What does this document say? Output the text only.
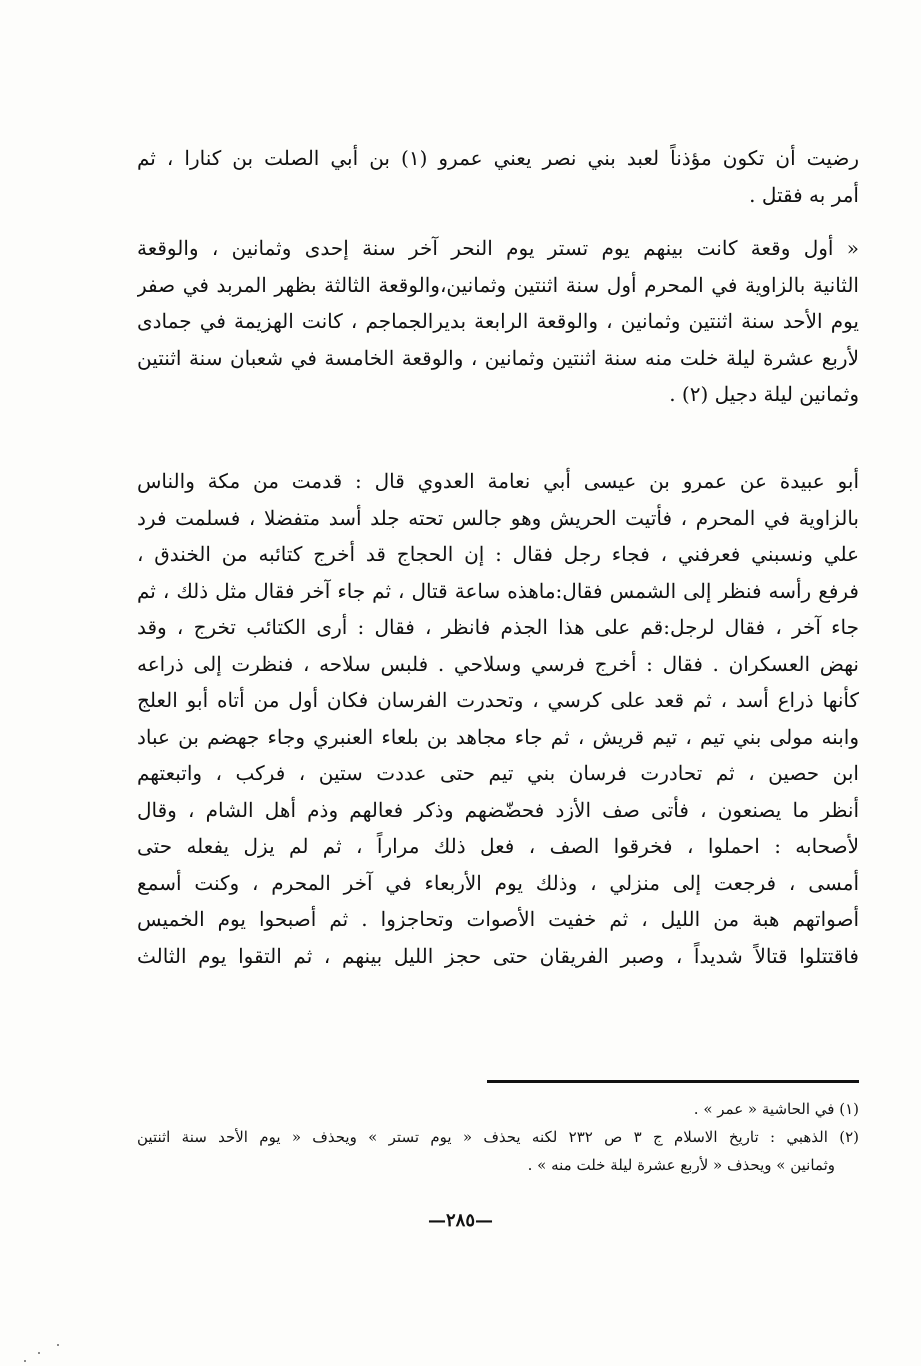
رضيت أن تكون مؤذناً لعبد بني نصر يعني عمرو (١) بن أبي الصلت بن كنارا ، ثم
أمر به فقتل .
« أول وقعة كانت بينهم يوم تستر يوم النحر آخر سنة إحدى وثمانين ، والوقعة
الثانية بالزاوية في المحرم أول سنة اثنتين وثمانين،والوقعة الثالثة بظهر المربد في صفر
يوم الأحد سنة اثنتين وثمانين ، والوقعة الرابعة بديرالجماجم ، كانت الهزيمة في جمادى
لأربع عشرة ليلة خلت منه سنة اثنتين وثمانين ، والوقعة الخامسة في شعبان سنة اثنتين
وثمانين ليلة دجيل (٢) .
أبو عبيدة عن عمرو بن عيسى أبي نعامة العدوي قال : قدمت من مكة والناس
بالزاوية في المحرم ، فأتيت الحريش وهو جالس تحته جلد أسد متفضلا ، فسلمت فرد
علي ونسبني فعرفني ، فجاء رجل فقال : إن الحجاج قد أخرج كتائبه من الخندق ،
فرفع رأسه فنظر إلى الشمس فقال:ماهذه ساعة قتال ، ثم جاء آخر فقال مثل ذلك ، ثم
جاء آخر ، فقال لرجل:قم على هذا الجذم فانظر ، فقال : أرى الكتائب تخرج ، وقد
نهض العسكران . فقال : أخرج فرسي وسلاحي . فلبس سلاحه ، فنظرت إلى ذراعه
كأنها ذراع أسد ، ثم قعد على كرسي ، وتحدرت الفرسان فكان أول من أتاه أبو العلج
وابنه مولى بني تيم ، تيم قريش ، ثم جاء مجاهد بن بلعاء العنبري وجاء جهضم بن عباد
ابن حصين ، ثم تحادرت فرسان بني تيم حتى عددت ستين ، فركب ، واتبعتهم
أنظر ما يصنعون ، فأتى صف الأزد فحضّضهم وذكر فعالهم وذم أهل الشام ، وقال
لأصحابه : احملوا ، فخرقوا الصف ، فعل ذلك مراراً ، ثم لم يزل يفعله حتى
أمسى ، فرجعت إلى منزلي ، وذلك يوم الأربعاء في آخر المحرم ، وكنت أسمع
أصواتهم هبة من الليل ، ثم خفيت الأصوات وتحاجزوا . ثم أصبحوا يوم الخميس
فاقتتلوا قتالاً شديداً ، وصبر الفريقان حتى حجز الليل بينهم ، ثم التقوا يوم الثالث
(١) في الحاشية « عمر » .
(٢) الذهبي : تاريخ الاسلام ج ٣ ص ٢٣٢ لكنه يحذف « يوم تستر » ويحذف « يوم الأحد سنة اثنتين
وثمانين » ويحذف « لأربع عشرة ليلة خلت منه » .
—٢٨٥—
